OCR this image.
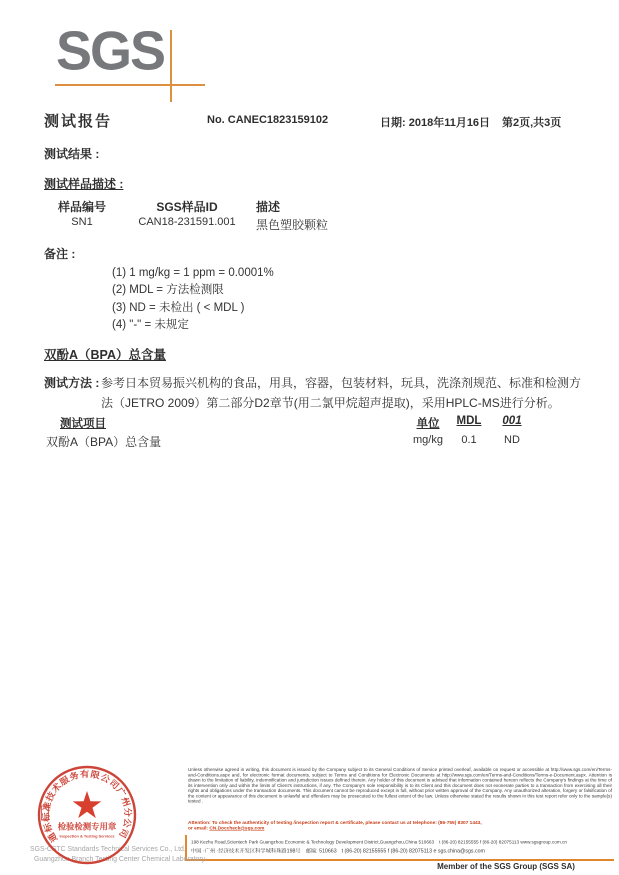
SGS
测试报告	No. CANEC1823159102	日期: 2018年11月16日 第2页,共3页
测试结果 :
测试样品描述 :
样品编号	SGS样品ID	描述
SN1	CAN18-231591.001	黑色塑胶颗粒
备注 :
(1) 1 mg/kg = 1 ppm = 0.0001%
(2) MDL = 方法检测限
(3) ND = 未检出 ( < MDL )
(4) "-" = 未规定
双酚A（BPA）总含量
测试方法 : 参考日本贸易振兴机构的食品，用具，容器，包装材料，玩具，洗涤剂规范、标准和检测方法（JETRO 2009）第二部分D2章节(用二氯甲烷超声提取)，采用HPLC-MS进行分析。
测试项目	单位	MDL	001
双酚A（BPA）总含量	mg/kg	0.1	ND
通标标准技术服务有限公司广州分公司
检验检测专用章
Inspection & Testing Services
SGS-CSTC Standards Technical Services Co., Ltd.
Guangzhou Branch Testing Center Chemical Laboratory.
Unless otherwise agreed in writing, this document is issued by the Company subject to its General Conditions of Service printed overleaf, available on request or accessible at http://www.sgs.com/en/Terms-and-Conditions.aspx and, for electronic format documents, subject to Terms and Conditions for Electronic Documents at http://www.sgs.com/en/Terms-and-Conditions/Terms-e-Document.aspx. Attention is drawn to the limitation of liability, indemnification and jurisdiction issues defined therein. Any holder of this document is advised that information contained hereon reflects the Company's findings at the time of its intervention only and within the limits of Client's instructions, if any. The Company's sole responsibility is to its Client and this document does not exonerate parties to a transaction from exercising all their rights and obligations under the transaction documents. This document cannot be reproduced except in full, without prior written approval of the Company. Any unauthorized alteration, forgery or falsification of the content or appearance of this document is unlawful and offenders may be prosecuted to the fullest extent of the law. Unless otherwise stated the results shown in this test report refer only to the sample(s) tested .
Attention: To check the authenticity of testing /inspection report & certificate, please contact us at telephone: (86-755) 8307 1443,
or email: CN.Doccheck@sgs.com
198 Kezhu Road,Scientech Park Guangzhou Economic & Technology Development District,Guangzhou,China 510663 t (86-20) 82155555 f (86-20) 82075113 www.sgsgroup.com.cn
中国 ·广州 ·经济技术开发区科学城科珠路198号 邮编: 510663 t (86-20) 82155555 f (86-20) 82075113 e sgs.china@sgs.com
Member of the SGS Group (SGS SA)
